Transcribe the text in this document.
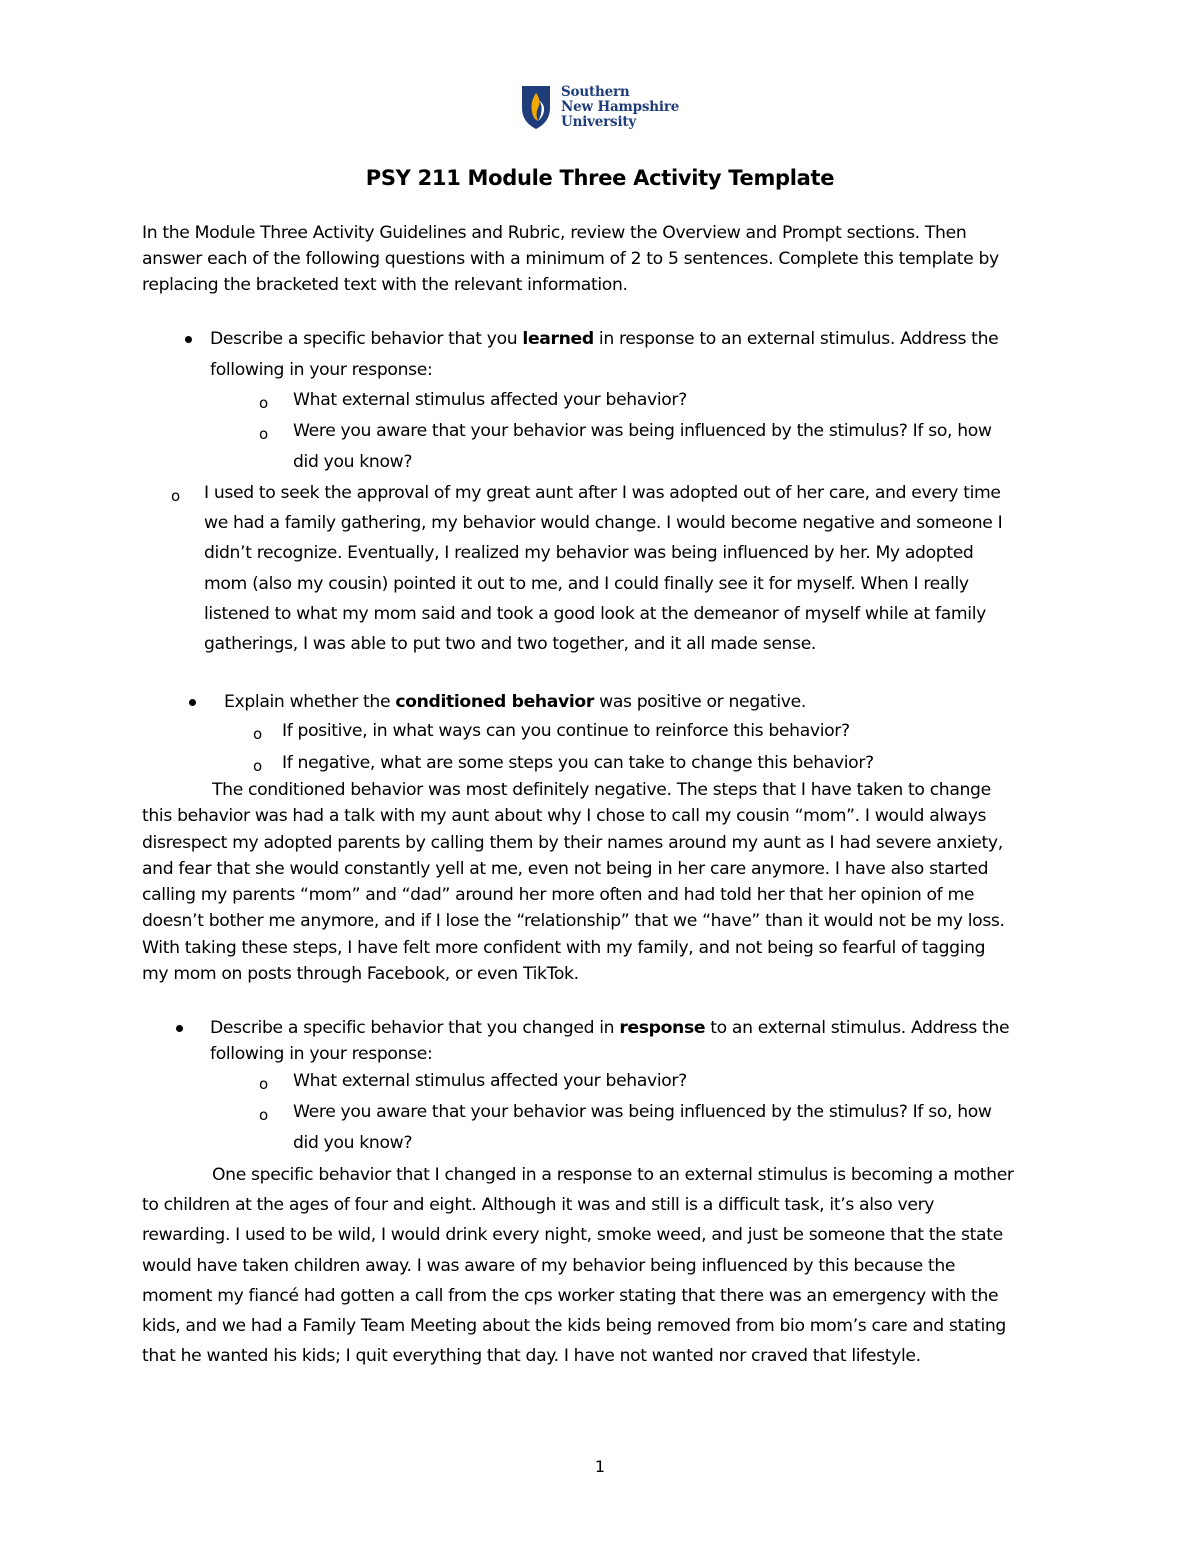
Southern
New Hampshire
University
PSY 211 Module Three Activity Template
In the Module Three Activity Guidelines and Rubric, review the Overview and Prompt sections. Then
answer each of the following questions with a minimum of 2 to 5 sentences. Complete this template by
replacing the bracketed text with the relevant information.
Describe a specific behavior that you learned in response to an external stimulus. Address the
following in your response:
o What external stimulus affected your behavior?
o Were you aware that your behavior was being influenced by the stimulus? If so, how
did you know?
o I used to seek the approval of my great aunt after I was adopted out of her care, and every time
we had a family gathering, my behavior would change. I would become negative and someone I
didn’t recognize. Eventually, I realized my behavior was being influenced by her. My adopted
mom (also my cousin) pointed it out to me, and I could finally see it for myself. When I really
listened to what my mom said and took a good look at the demeanor of myself while at family
gatherings, I was able to put two and two together, and it all made sense.
Explain whether the conditioned behavior was positive or negative.
o If positive, in what ways can you continue to reinforce this behavior?
o If negative, what are some steps you can take to change this behavior?
The conditioned behavior was most definitely negative. The steps that I have taken to change
this behavior was had a talk with my aunt about why I chose to call my cousin “mom”. I would always
disrespect my adopted parents by calling them by their names around my aunt as I had severe anxiety,
and fear that she would constantly yell at me, even not being in her care anymore. I have also started
calling my parents “mom” and “dad” around her more often and had told her that her opinion of me
doesn’t bother me anymore, and if I lose the “relationship” that we “have” than it would not be my loss.
With taking these steps, I have felt more confident with my family, and not being so fearful of tagging
my mom on posts through Facebook, or even TikTok.
Describe a specific behavior that you changed in response to an external stimulus. Address the
following in your response:
o What external stimulus affected your behavior?
o Were you aware that your behavior was being influenced by the stimulus? If so, how
did you know?
One specific behavior that I changed in a response to an external stimulus is becoming a mother
to children at the ages of four and eight. Although it was and still is a difficult task, it’s also very
rewarding. I used to be wild, I would drink every night, smoke weed, and just be someone that the state
would have taken children away. I was aware of my behavior being influenced by this because the
moment my fiancé had gotten a call from the cps worker stating that there was an emergency with the
kids, and we had a Family Team Meeting about the kids being removed from bio mom’s care and stating
that he wanted his kids; I quit everything that day. I have not wanted nor craved that lifestyle.
1
